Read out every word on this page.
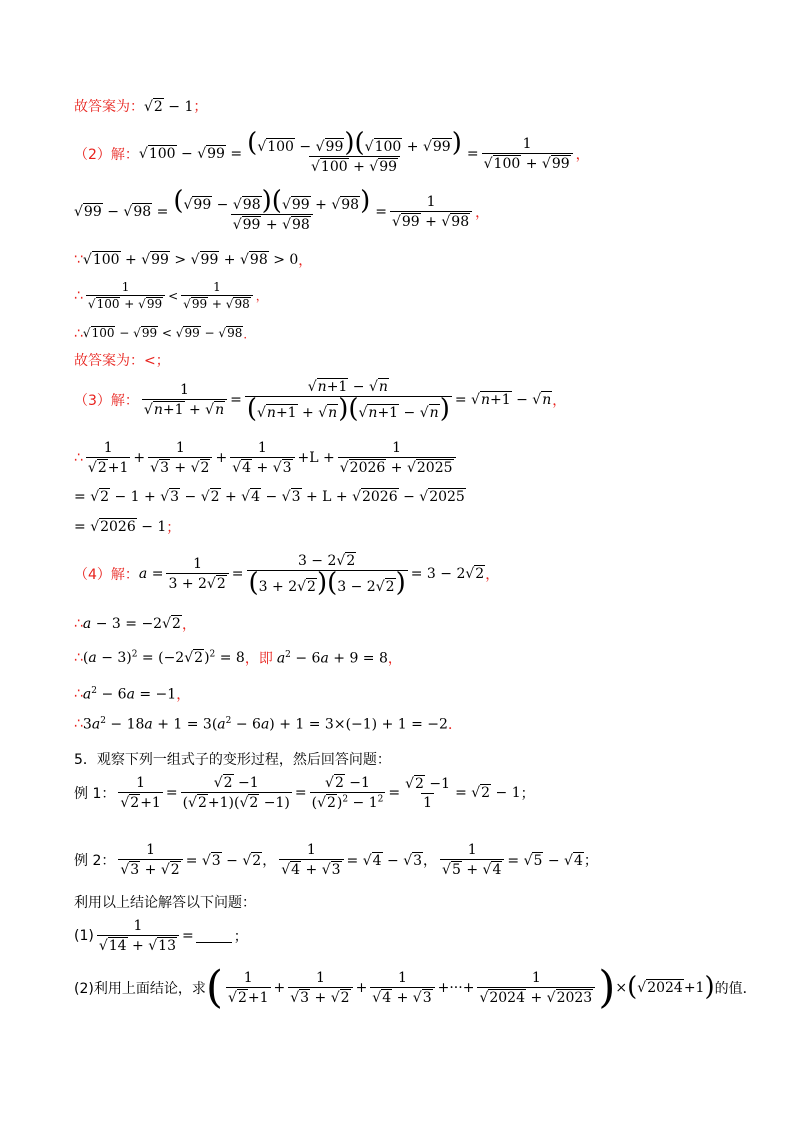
故答案为：
√ 2 − 1；
（2）解：
√ 100 − √ 99 = (√ 100 − √ 99)(√ 100 + √ 99)
√ 100 + √ 99 = 1
√ 100 + √ 99 ，
√ 99 − √ 98 = (√ 99 − √ 98)(√ 99 + √ 98)
√ 99 + √ 98 = 1
√ 99 + √ 98 ，
∵
√ 100 + √ 99 > √ 99 + √ 98 > 0 ，
∴ 1
√ 100 + √ 99 < 1
√ 99 + √ 98 ，
∴
√ 100 − √ 99 < √ 99 − √ 98 ．
故答案为： <；
（3）解： 1
√ n+1 + √ n =
√ $\frac{n+1 - √ n}{(√ n+1 + √ n)(√ n+1 - √ n)}$ = √ n+1 − √ n ，
∴ 1
√ 2+1 + 1
√ 3 + √ 2 + 1
√ 4 + √ 3 +L + 1
√ 2026 + √ 2025
= √ 2 − 1 + √ 3 − √ 2 + √ 4 − √ 3 + L + √ 2026 − √ 2025
= √ 2026 − 1 ；
（4）解： $a = \frac{1}{3 + 2√ 2} = \frac{3 - 2√ 2}{(3 + 2√ 2)(3 - 2√ 2)} = 3 - 2√$ 2 ，
∴ a − 3 = −2√ 2 ，
∴ $(a - 3)^2 = (-2√$ 2)$^2$ = 8 ， 即 $a^2 - 6a + 9 = 8$ ，
∴ $a^2 - 6a = -1$ ，
∴ $3a^2 - 18a + 1 = 3(a^2 - 6a) + 1 = 3\times(-1) + 1 = -2$ ．
5．观察下列一组式子的变形过程，然后回答问题：
例 1： 1
√ 2+1 =
√ $\frac{2 -1}{(√ 2+1)(√ 2 -1)}$ =
√ $\frac{2 -1}{(√ 2)^2 - 1^2}$ =
√ $\frac{2 -1}{1}$ = √ 2 − 1 ；
例 2： 1
√ 3 + √ 2 = √ 3 − √ 2 ， 1
√ 4 + √ 3 = √ 4 − √ 3 ， 1
√ 5 + √ 4 = √ 5 − √ 4 ；
利用以上结论解答以下问题：
(1) 1
√ 14 + √ 13 =	；
(2)利用上面结论，求 ( 1
√ 2+1 + 1
√ 3 + √ 2 + 1
√ 4 + √ 3 +···+ 1
√ 2024 + √ 2023 ) × (
√ 2024 +1 ) 的值．
